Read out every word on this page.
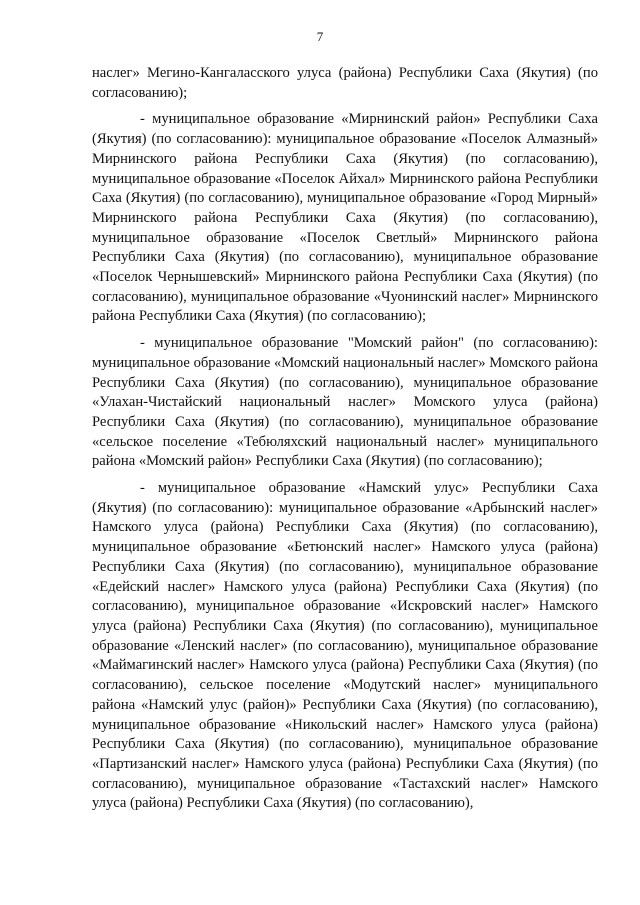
7

наслег» Мегино-Кангаласского улуса (района) Республики Саха (Якутия) (по согласованию);

- муниципальное образование «Мирнинский район» Республики Саха (Якутия) (по согласованию): муниципальное образование «Поселок Алмазный» Мирнинского района Республики Саха (Якутия) (по согласованию), муниципальное образование «Поселок Айхал» Мирнинского района Республики Саха (Якутия) (по согласованию), муниципальное образование «Город Мирный» Мирнинского района Республики Саха (Якутия) (по согласованию), муниципальное образование «Поселок Светлый» Мирнинского района Республики Саха (Якутия) (по согласованию), муниципальное образование «Поселок Чернышевский» Мирнинского района Республики Саха (Якутия) (по согласованию), муниципальное образование «Чуонинский наслег» Мирнинского района Республики Саха (Якутия) (по согласованию);

- муниципальное образование "Момский район" (по согласованию): муниципальное образование «Момский национальный наслег» Момского района Республики Саха (Якутия) (по согласованию), муниципальное образование «Улахан-Чистайский национальный наслег» Момского улуса (района) Республики Саха (Якутия) (по согласованию), муниципальное образование «сельское поселение «Тебюляхский национальный наслег» муниципального района «Момский район» Республики Саха (Якутия) (по согласованию);

- муниципальное образование «Намский улус» Республики Саха (Якутия) (по согласованию): муниципальное образование «Арбынский наслег» Намского улуса (района) Республики Саха (Якутия) (по согласованию), муниципальное образование «Бетюнский наслег» Намского улуса (района) Республики Саха (Якутия) (по согласованию), муниципальное образование «Едейский наслег» Намского улуса (района) Республики Саха (Якутия) (по согласованию), муниципальное образование «Искровский наслег» Намского улуса (района) Республики Саха (Якутия) (по согласованию), муниципальное образование «Ленский наслег» (по согласованию), муниципальное образование «Маймагинский наслег» Намского улуса (района) Республики Саха (Якутия) (по согласованию), сельское поселение «Модутский наслег» муниципального района «Намский улус (район)» Республики Саха (Якутия) (по согласованию), муниципальное образование «Никольский наслег» Намского улуса (района) Республики Саха (Якутия) (по согласованию), муниципальное образование «Партизанский наслег» Намского улуса (района) Республики Саха (Якутия) (по согласованию), муниципальное образование «Тастахский наслег» Намского улуса (района) Республики Саха (Якутия) (по согласованию),
